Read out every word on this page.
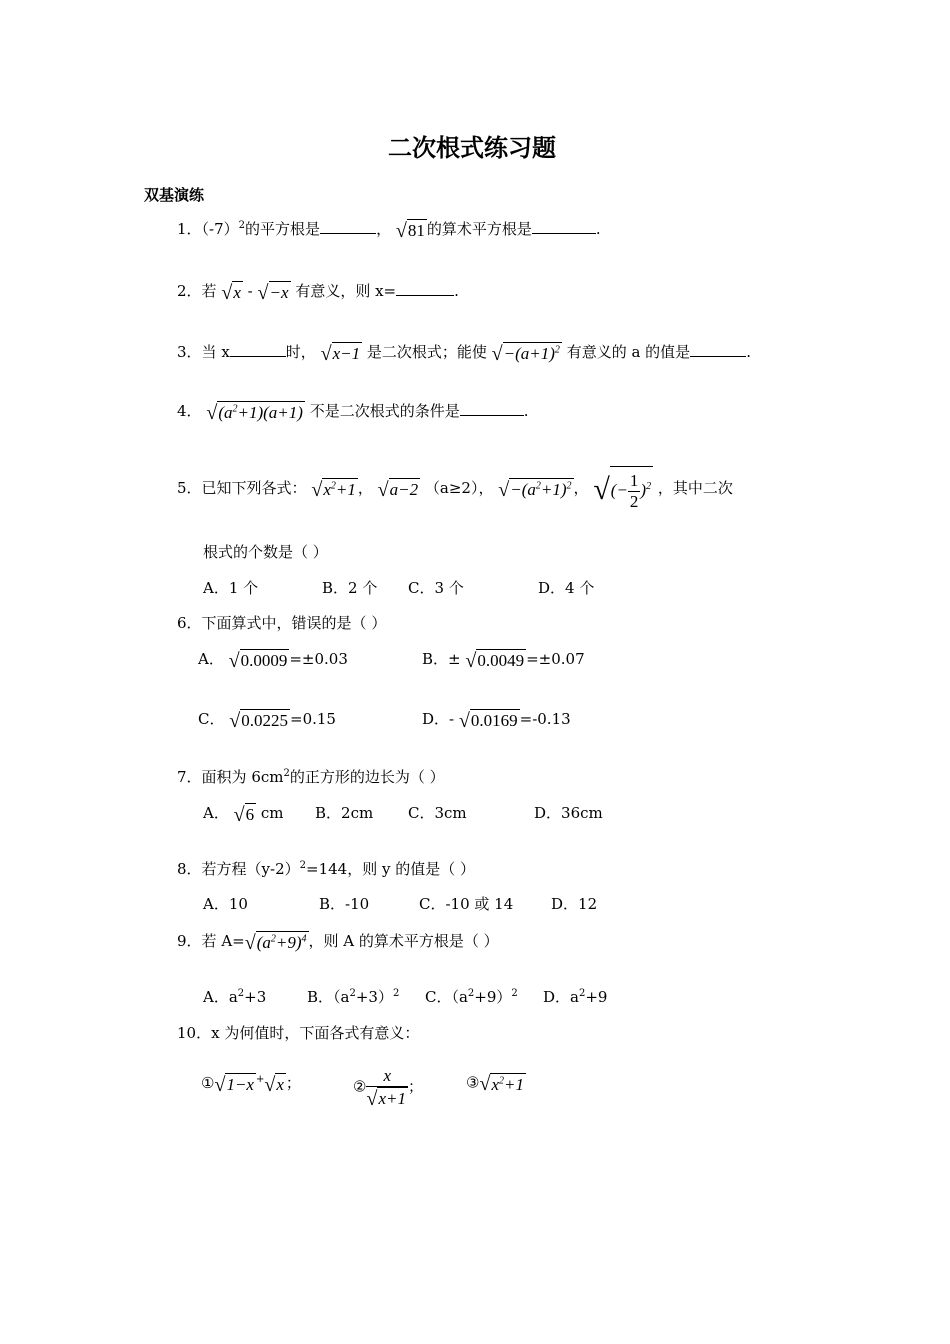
二次根式练习题
双基演练
1．$(-7)^2$的平方根是	， √81 的算术平方根是	.
2．若 √x - √−x 有意义，则 x=	.
3．当 x	时， √x−1 是二次根式；能使 $√-(a+1)^2$ 有意义的 a 的值是	.
4． $√(a^2+1)(a+1)$ 不是二次根式的条件是	.
5．已知下列各式： $√x^2+1$ ， √a−2 （a≥2）， $√-(a^2+1)^2$ ， √(− $\frac{1}{2} )^2$ ，其中二次
根式的个数是（ ）
A．1 个	B．2 个 C．3 个	D．4 个
6．下面算式中，错误的是（ ）
A． √0.0009 =±0.03	B．± √0.0049 =±0.07
C． √0.0225 =0.15	D．- √0.0169 =-0.13
7．面积为 $6cm^2$的正方形的边长为（ ）
A． √6 cm B．2cm C．3cm	D．36cm
8．若方程$(y-2)^2=144$，则 y 的值是（ ）
A．10	B．-10	C．-10 或 14	D．12
9．若 $A=√(a^2+9)^4$ ，则 A 的算术平方根是（ ）
A．$a^2+3$	B．$(a^2+3)^2$ C．$(a^2+9)^2$ D．$a^2+9$
10．x 为何值时，下面各式有意义：
①√1−x +√x ；	② $\frac{x}{√x+1}$ ；	$③√x^2+1$
